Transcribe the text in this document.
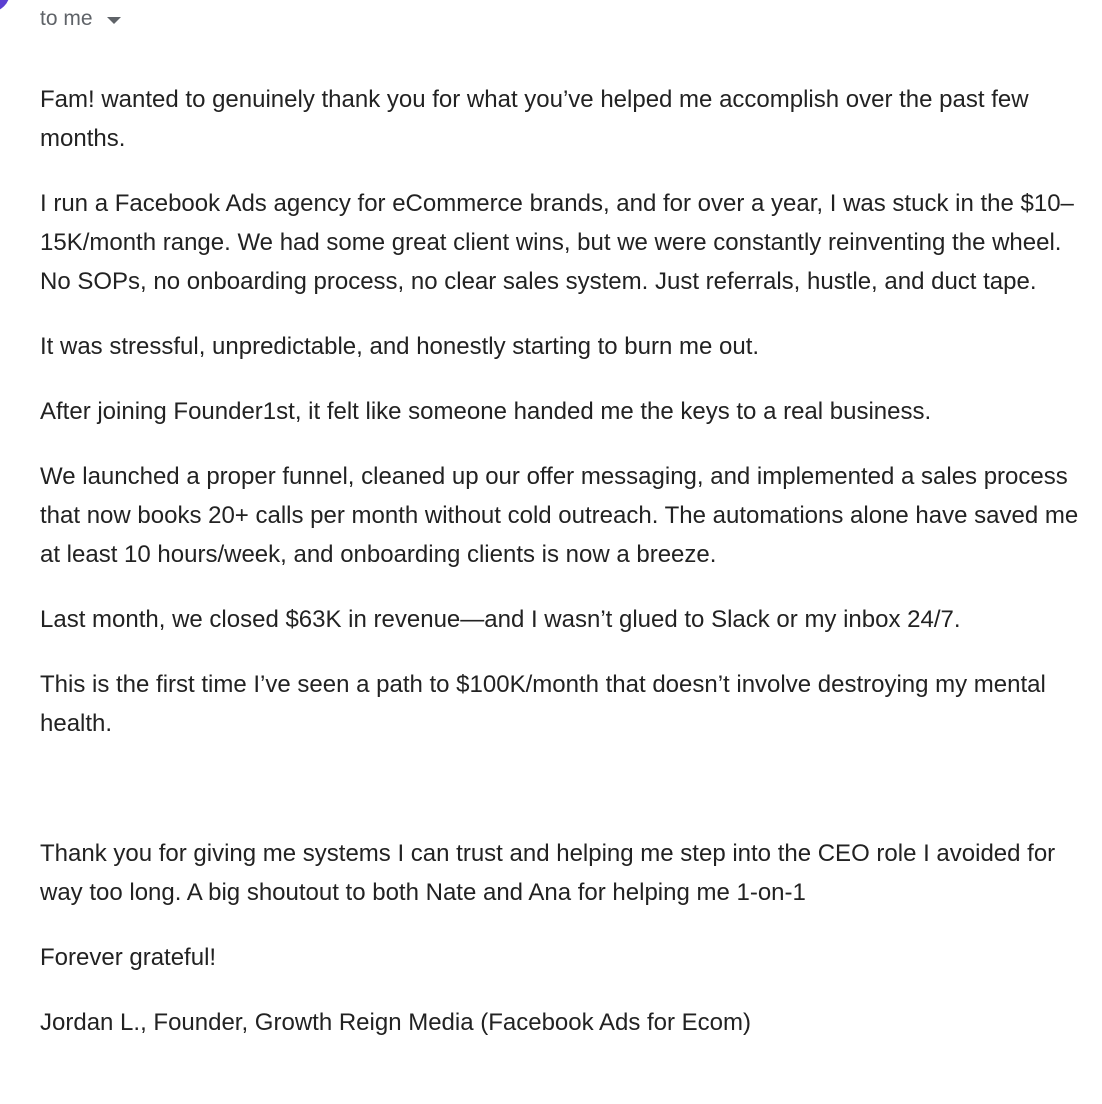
to me

Fam! wanted to genuinely thank you for what you’ve helped me accomplish over the past few months.

I run a Facebook Ads agency for eCommerce brands, and for over a year, I was stuck in the $10–15K/month range. We had some great client wins, but we were constantly reinventing the wheel. No SOPs, no onboarding process, no clear sales system. Just referrals, hustle, and duct tape.

It was stressful, unpredictable, and honestly starting to burn me out.

After joining Founder1st, it felt like someone handed me the keys to a real business.

We launched a proper funnel, cleaned up our offer messaging, and implemented a sales process that now books 20+ calls per month without cold outreach. The automations alone have saved me at least 10 hours/week, and onboarding clients is now a breeze.

Last month, we closed $63K in revenue—and I wasn’t glued to Slack or my inbox 24/7.

This is the first time I’ve seen a path to $100K/month that doesn’t involve destroying my mental health.

Thank you for giving me systems I can trust and helping me step into the CEO role I avoided for way too long. A big shoutout to both Nate and Ana for helping me 1-on-1

Forever grateful!

Jordan L., Founder, Growth Reign Media (Facebook Ads for Ecom)
